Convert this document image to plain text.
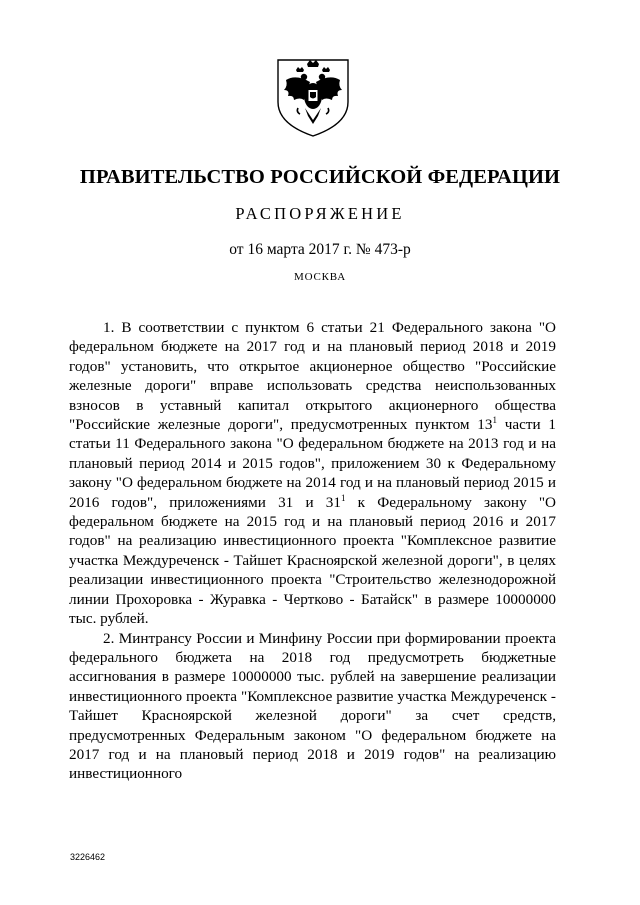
ПРАВИТЕЛЬСТВО РОССИЙСКОЙ ФЕДЕРАЦИИ
РАСПОРЯЖЕНИЕ
от 16 марта 2017 г. № 473-р
МОСКВА

1. В соответствии с пунктом 6 статьи 21 Федерального закона "О федеральном бюджете на 2017 год и на плановый период 2018 и 2019 годов" установить, что открытое акционерное общество "Российские железные дороги" вправе использовать средства неиспользованных взносов в уставный капитал открытого акционерного общества "Российские железные дороги", предусмотренных пунктом $13^1$ части 1 статьи 11 Федерального закона "О федеральном бюджете на 2013 год и на плановый период 2014 и 2015 годов", приложением 30 к Федеральному закону "О федеральном бюджете на 2014 год и на плановый период 2015 и 2016 годов", приложениями 31 и $31^1$ к Федеральному закону "О федеральном бюджете на 2015 год и на плановый период 2016 и 2017 годов" на реализацию инвестиционного проекта "Комплексное развитие участка Междуреченск - Тайшет Красноярской железной дороги", в целях реализации инвестиционного проекта "Строительство железнодорожной линии Прохоровка - Журавка - Чертково - Батайск" в размере 10000000 тыс. рублей.

2. Минтрансу России и Минфину России при формировании проекта федерального бюджета на 2018 год предусмотреть бюджетные ассигнования в размере 10000000 тыс. рублей на завершение реализации инвестиционного проекта "Комплексное развитие участка Междуреченск - Тайшет Красноярской железной дороги" за счет средств, предусмотренных Федеральным законом "О федеральном бюджете на 2017 год и на плановый период 2018 и 2019 годов" на реализацию инвестиционного

3226462
